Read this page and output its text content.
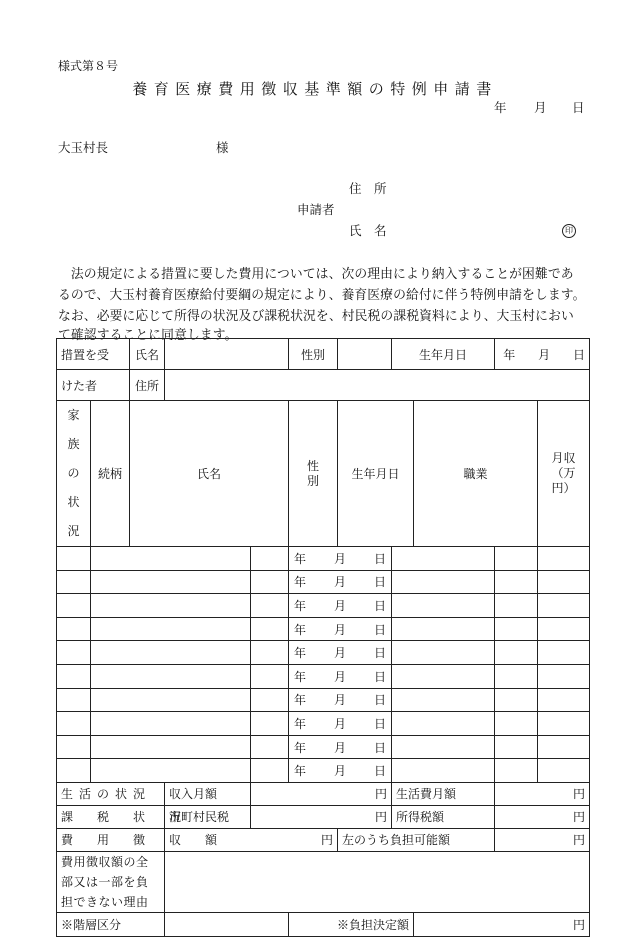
様式第８号
養育医療費用徴収基準額の特例申請書
年 月 日
大玉村長	様
住　所
申請者
氏　名	印
　法の規定による措置に要した費用については、次の理由により納入することが困難であ
るので、大玉村養育医療給付要綱の規定により、養育医療の給付に伴う特例申請をします。
なお、必要に応じて所得の状況及び課税状況を、村民税の課税資料により、大玉村におい
て確認することに同意します。
措置を受		氏名			性別		生年月日		年 月 日		
けた者		住所									
家
族
の
状
況	続柄	氏名			性
別	生年月日		職業		月収
（万
円）	

					年 月 日						
					年 月 日						
					年 月 日						
					年 月 日						
					年 月 日						
					年 月 日						
					年 月 日						
					年 月 日						
					年 月 日						
					年 月 日						
生活の状況			収入月額	円			生活費月額		円		
課　税　状　況			市町村民税	円			所得税額		円		
費　用　徴　収　額			円			左のうち負担可能額			円		

費用徴収額の全
部又は一部を負
担できない理由											

※階層区分					※負担決定額			円			
